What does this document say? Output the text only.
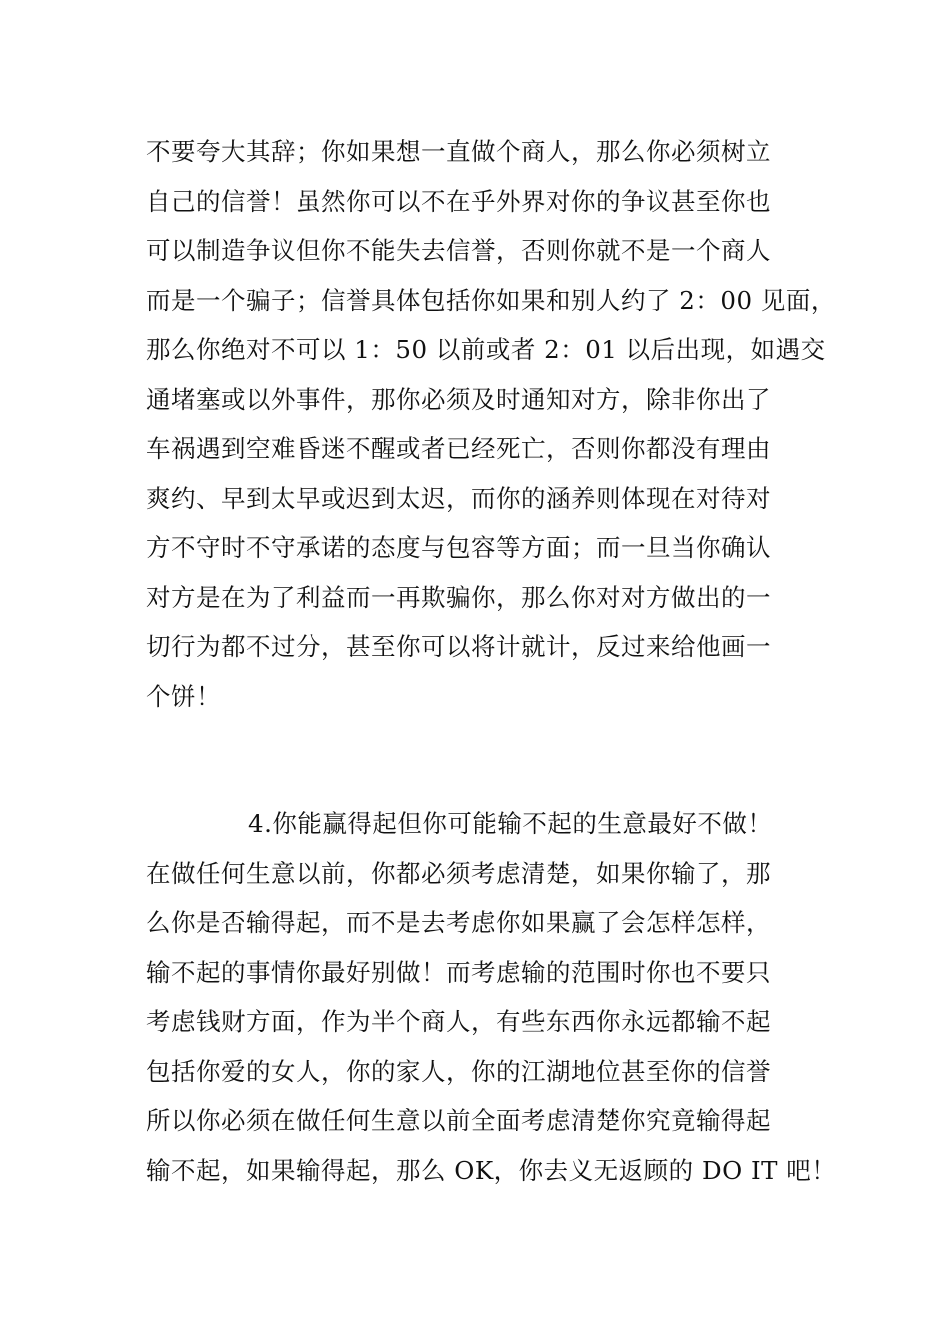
不要夸大其辞；你如果想一直做个商人，那么你必须树立
自己的信誉！虽然你可以不在乎外界对你的争议甚至你也
可以制造争议但你不能失去信誉，否则你就不是一个商人
而是一个骗子；信誉具体包括你如果和别人约了 2：00 见面，
那么你绝对不可以 1：50 以前或者 2：01 以后出现，如遇交
通堵塞或以外事件，那你必须及时通知对方，除非你出了
车祸遇到空难昏迷不醒或者已经死亡，否则你都没有理由
爽约、早到太早或迟到太迟，而你的涵养则体现在对待对
方不守时不守承诺的态度与包容等方面；而一旦当你确认
对方是在为了利益而一再欺骗你，那么你对对方做出的一
切行为都不过分，甚至你可以将计就计，反过来给他画一
个饼！
4.你能赢得起但你可能输不起的生意最好不做！
在做任何生意以前，你都必须考虑清楚，如果你输了，那
么你是否输得起，而不是去考虑你如果赢了会怎样怎样，
输不起的事情你最好别做！而考虑输的范围时你也不要只
考虑钱财方面，作为半个商人，有些东西你永远都输不起
包括你爱的女人，你的家人，你的江湖地位甚至你的信誉
所以你必须在做任何生意以前全面考虑清楚你究竟输得起
输不起，如果输得起，那么 OK，你去义无返顾的 DO IT 吧！
